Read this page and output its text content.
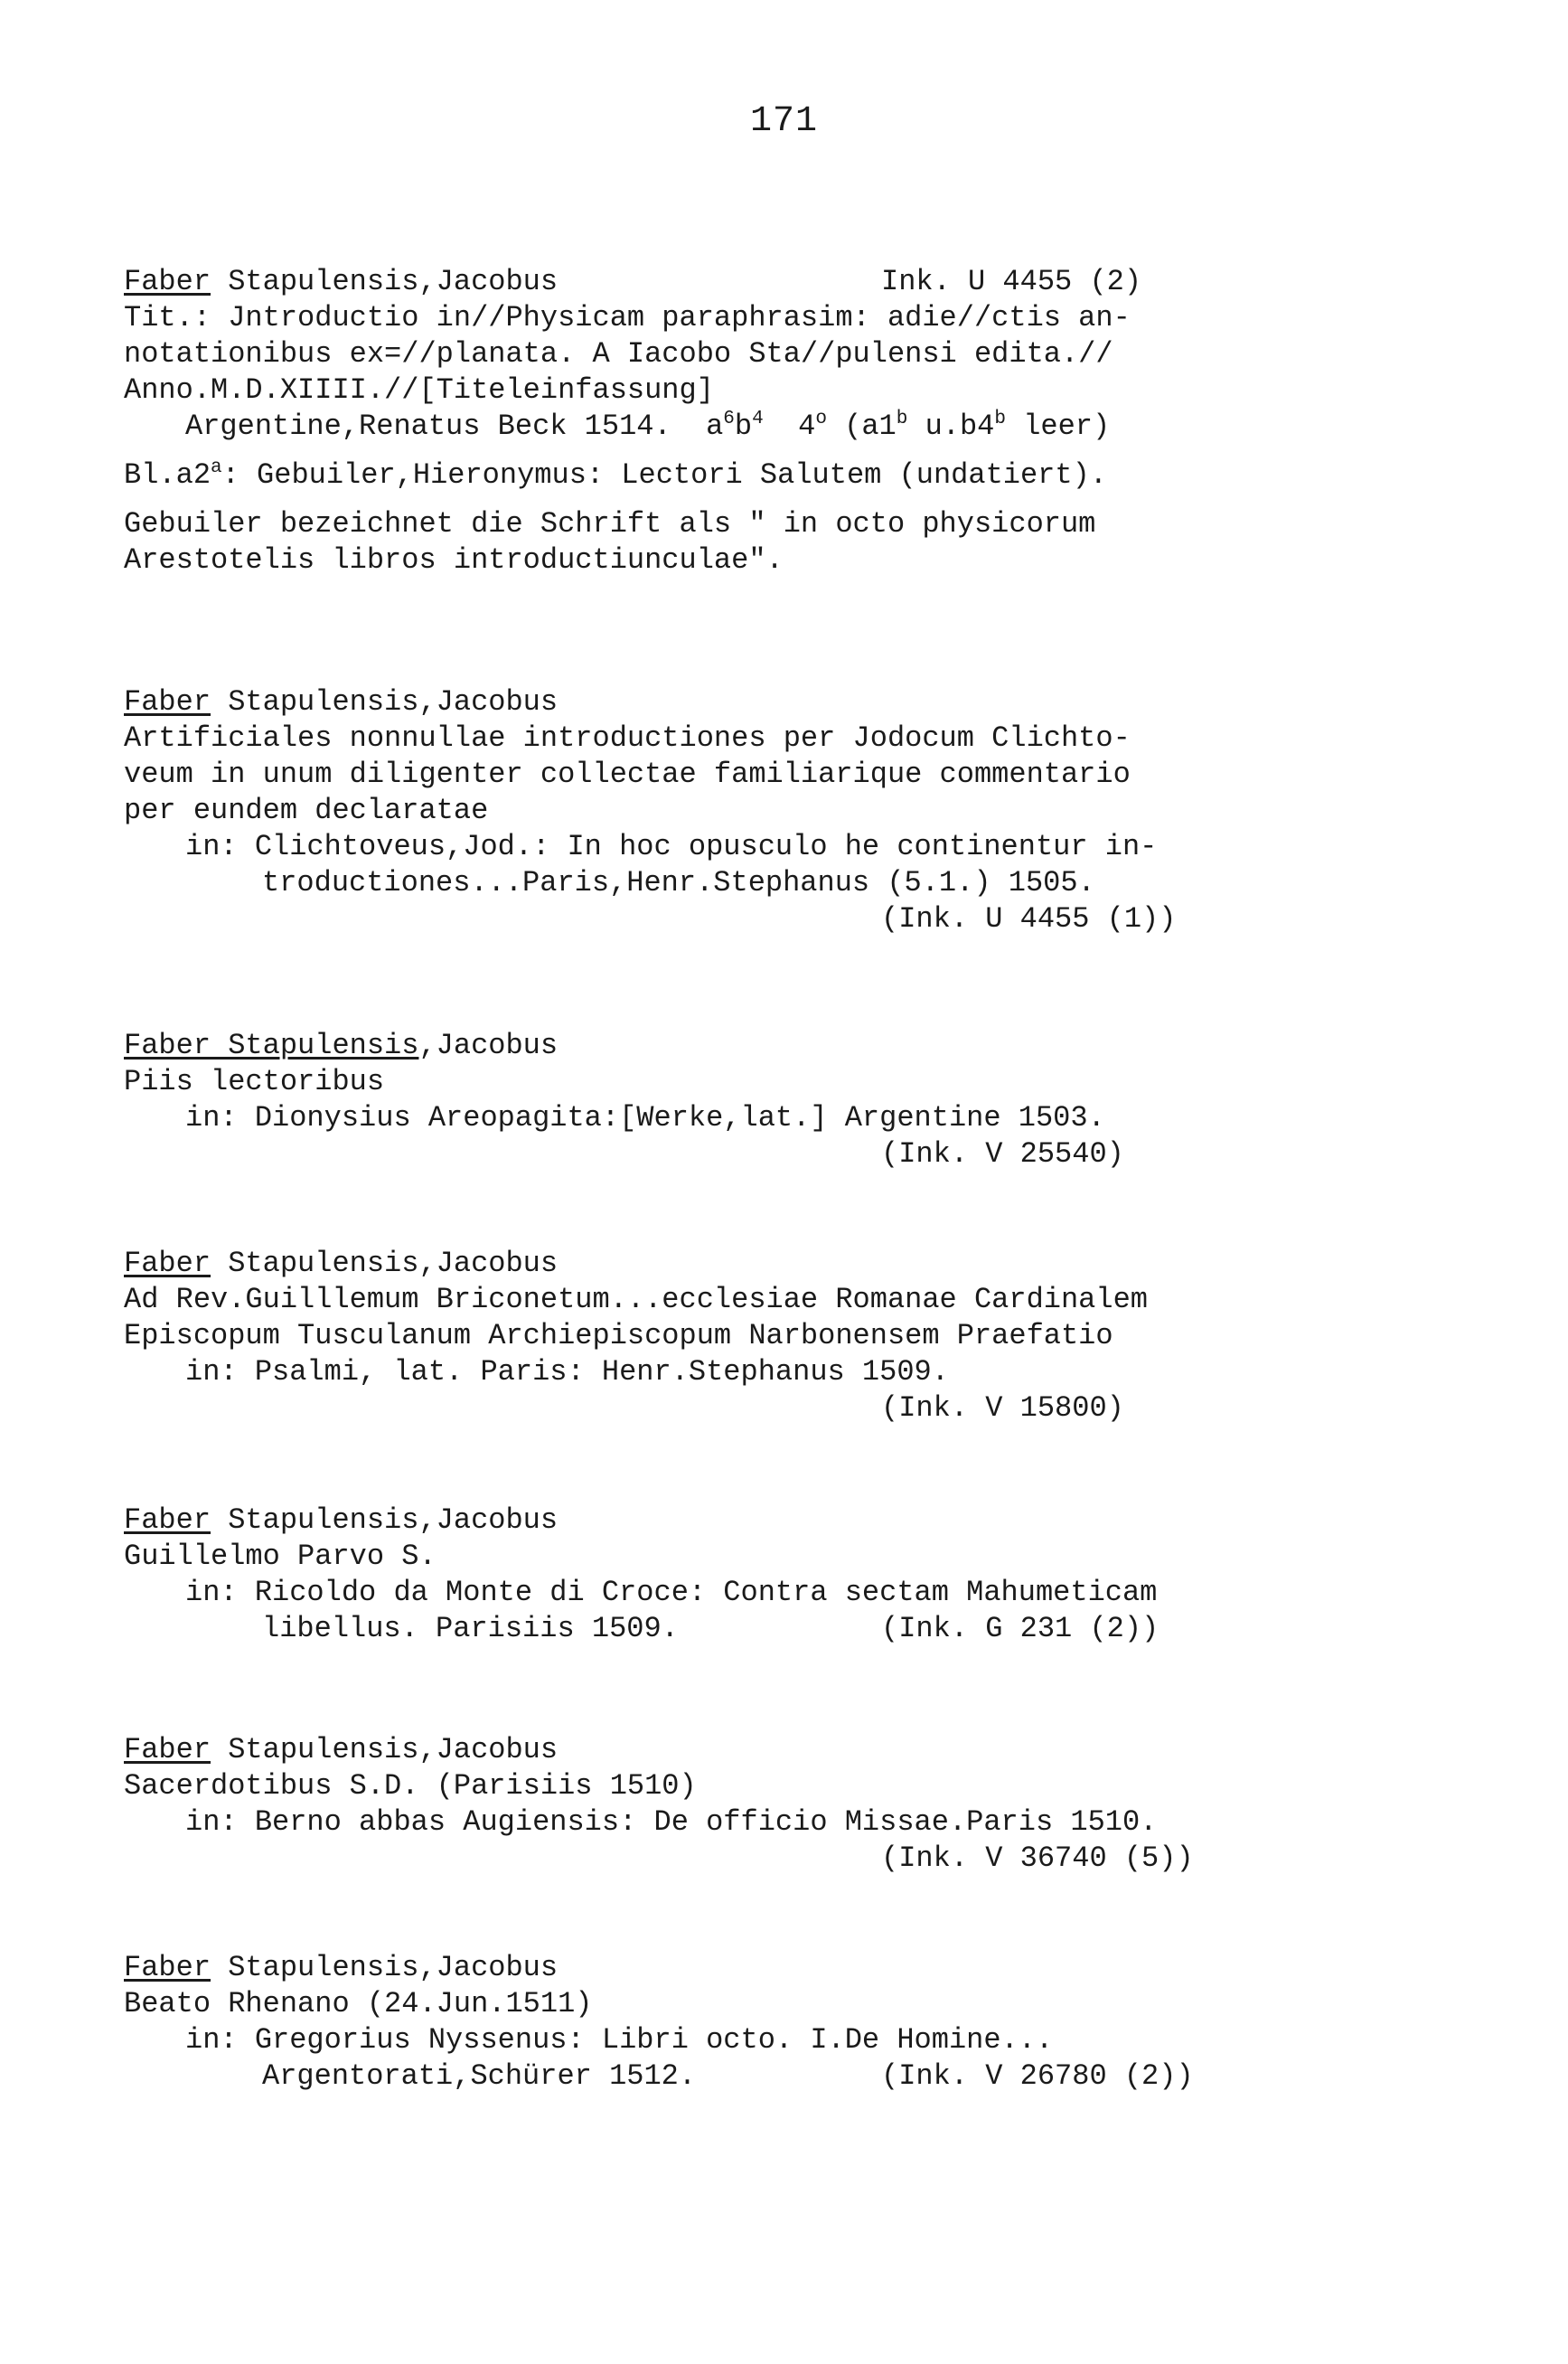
171
Faber Stapulensis,Jacobus	Ink. U 4455 (2)
Tit.: Jntroductio in//Physicam paraphrasim: adie//ctis an-
notationibus ex=//planata. A Iacobo Sta//pulensi edita.//
Anno.M.D.XIIII.//[Titeleinfassung]
Argentine,Renatus Beck 1514.  $a^6b^4$  4$^o$ (a1$^b$ u.b4$^b$ leer)
Bl.a2$^a$: Gebuiler,Hieronymus: Lectori Salutem (undatiert).
Gebuiler bezeichnet die Schrift als " in octo physicorum
Arestotelis libros introductiunculae".
Faber Stapulensis,Jacobus
Artificiales nonnullae introductiones per Jodocum Clichto-
veum in unum diligenter collectae familiarique commentario
per eundem declaratae
in: Clichtoveus,Jod.: In hoc opusculo he continentur in-
troductiones...Paris,Henr.Stephanus (5.1.) 1505.
(Ink. U 4455 (1))
Faber Stapulensis,Jacobus
Piis lectoribus
in: Dionysius Areopagita:[Werke,lat.] Argentine 1503.
(Ink. V 25540)
Faber Stapulensis,Jacobus
Ad Rev.Guilllemum Briconetum...ecclesiae Romanae Cardinalem
Episcopum Tusculanum Archiepiscopum Narbonensem Praefatio
in: Psalmi, lat. Paris: Henr.Stephanus 1509.
(Ink. V 15800)
Faber Stapulensis,Jacobus
Guillelmo Parvo S.
in: Ricoldo da Monte di Croce: Contra sectam Mahumeticam
libellus. Parisiis 1509.	(Ink. G 231 (2))
Faber Stapulensis,Jacobus
Sacerdotibus S.D. (Parisiis 1510)
in: Berno abbas Augiensis: De officio Missae.Paris 1510.
(Ink. V 36740 (5))
Faber Stapulensis,Jacobus
Beato Rhenano (24.Jun.1511)
in: Gregorius Nyssenus: Libri octo. I.De Homine...
Argentorati,Schürer 1512.	(Ink. V 26780 (2))
